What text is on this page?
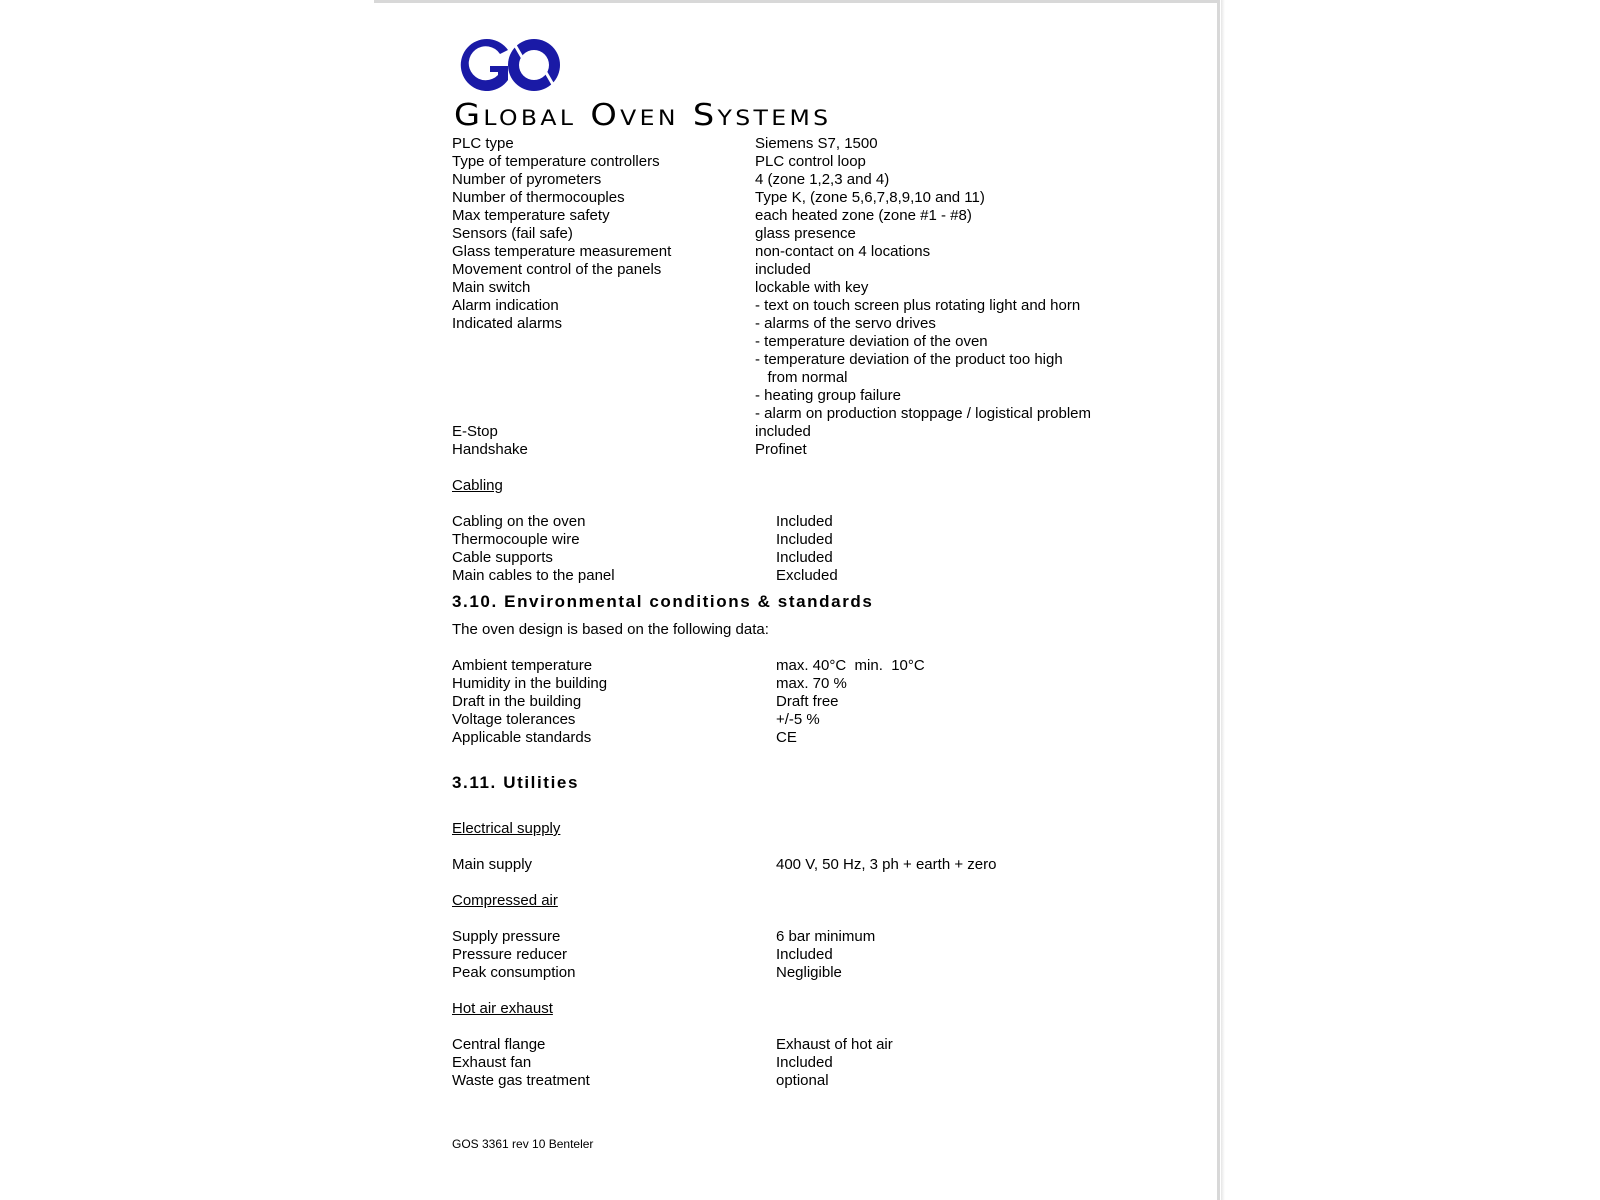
Global Oven Systems
PLC type	Siemens S7, 1500
Type of temperature controllers	PLC control loop
Number of pyrometers	4 (zone 1,2,3 and 4)
Number of thermocouples	Type K, (zone 5,6,7,8,9,10 and 11)
Max temperature safety	each heated zone (zone #1 - #8)
Sensors (fail safe)	glass presence
Glass temperature measurement	non-contact on 4 locations
Movement control of the panels	included
Main switch	lockable with key
Alarm indication	- text on touch screen plus rotating light and horn
Indicated alarms	- alarms of the servo drives
- temperature deviation of the oven
- temperature deviation of the product too high
from normal
- heating group failure
- alarm on production stoppage / logistical problem
E-Stop	included
Handshake	Profinet
Cabling
Cabling on the oven	Included
Thermocouple wire	Included
Cable supports	Included
Main cables to the panel	Excluded
3.10. Environmental conditions & standards
The oven design is based on the following data:
Ambient temperature	max. 40°C  min.  10°C
Humidity in the building	max. 70 %
Draft in the building	Draft free
Voltage tolerances	+/-5 %
Applicable standards	CE
3.11. Utilities
Electrical supply
Main supply	400 V, 50 Hz, 3 ph + earth + zero
Compressed air
Supply pressure	6 bar minimum
Pressure reducer	Included
Peak consumption	Negligible
Hot air exhaust
Central flange	Exhaust of hot air
Exhaust fan	Included
Waste gas treatment	optional
GOS 3361 rev 10 Benteler
